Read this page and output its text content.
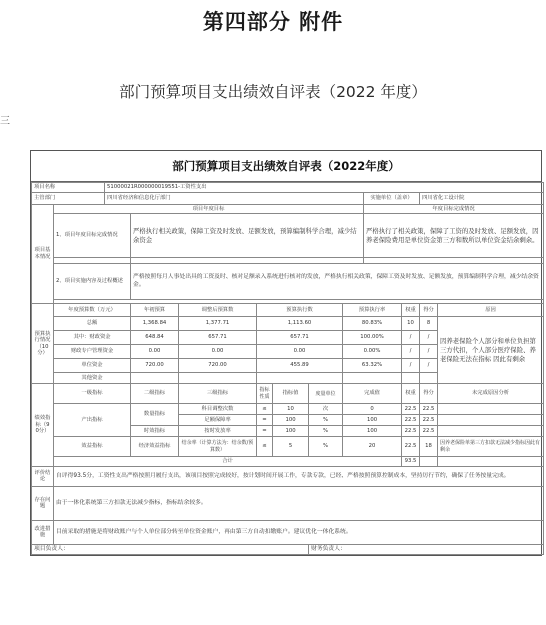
第四部分 附件
部门预算项目支出绩效自评表（2022 年度）
三
部门预算项目支出绩效自评表（2022年度）
项目名称		51000021R000000019551-工资性支出										
主管部门		四川省经济和信息化厅部门							实施单位（盖章）		四川省化工设计院	
项目基本情况	项目年度目标								年度目标完成情况			
	1、项目年度目标完成情况		严格执行相关政策，保障工资及时发放、足额发放，预算编制科学合理，减少结余资金						严格执行了相关政策，保障了工资的及时发放、足额发放，因养老保险费用是单位资金第三方和数所以单位资金结余剩余。			

	2、项目实施内容及过程概述		严格按照每月人事处出具的工资及时、核对足额录入系统进行核对的发放，严格执行相关政策，保障工资及时发放、足额发放，预算编制科学合理，减少结余资金。									

预算执行情况（10分）	年度预算数（万元）		年初预算	调整后预算数	预算执行数			预算执行率		权重	得分	原因
	总额		1,368.84	1,377.71	1,113.60			80.83%		10	8	因养老保险个人部分和单位负担第三方代扣，个人部分医疗保险、养老保险无法在指标 因此有剩余
	其中：财政资金		648.84	657.71	657.71			100.00%		/	/	
	财政专户管理资金		0.00	0.00	0.00			0.00%		/	/	
	单位资金		720.00	720.00	455.89			63.32%		/	/	
	其他资金											
绩效指标（90分）	一级指标		二级指标	三级指标	指标性质	指标值	度量单位	完成值		权重	得分	未完成原因分析
	产出指标		数量指标	科目调整次数	≤	10	次	0		22.5	22.5	
				足额保障率	=	100	%	100		22.5	22.5	
			时效指标	按时发放率	=	100	%	100		22.5	22.5	
	效益指标		经济效益指标	结余率（计算方法为：结余数/预算数）	≤	5	%	20		22.5	18	因养老保险单第三方扣款无法减少指标因此有剩余
	合计									93.5		
评价结论	自评得93.5分，工资性支出严格按照月履行支出，该项目按照完成较好，按计划时间开展工作，专款专款，已经、严格按照预算控制成本，坚持厉行节约，确保了任务按量完成。											
存在问题	由于一体化系统第三方扣款无法减少指标，指标结余较多。											
改进措施	目前采取的措施是将财政账户与个人单位部分转至单位资金账户，再由第三方自动扣缴账户。建议优化一体化系统。											
项目负责人：							财务负责人：					
